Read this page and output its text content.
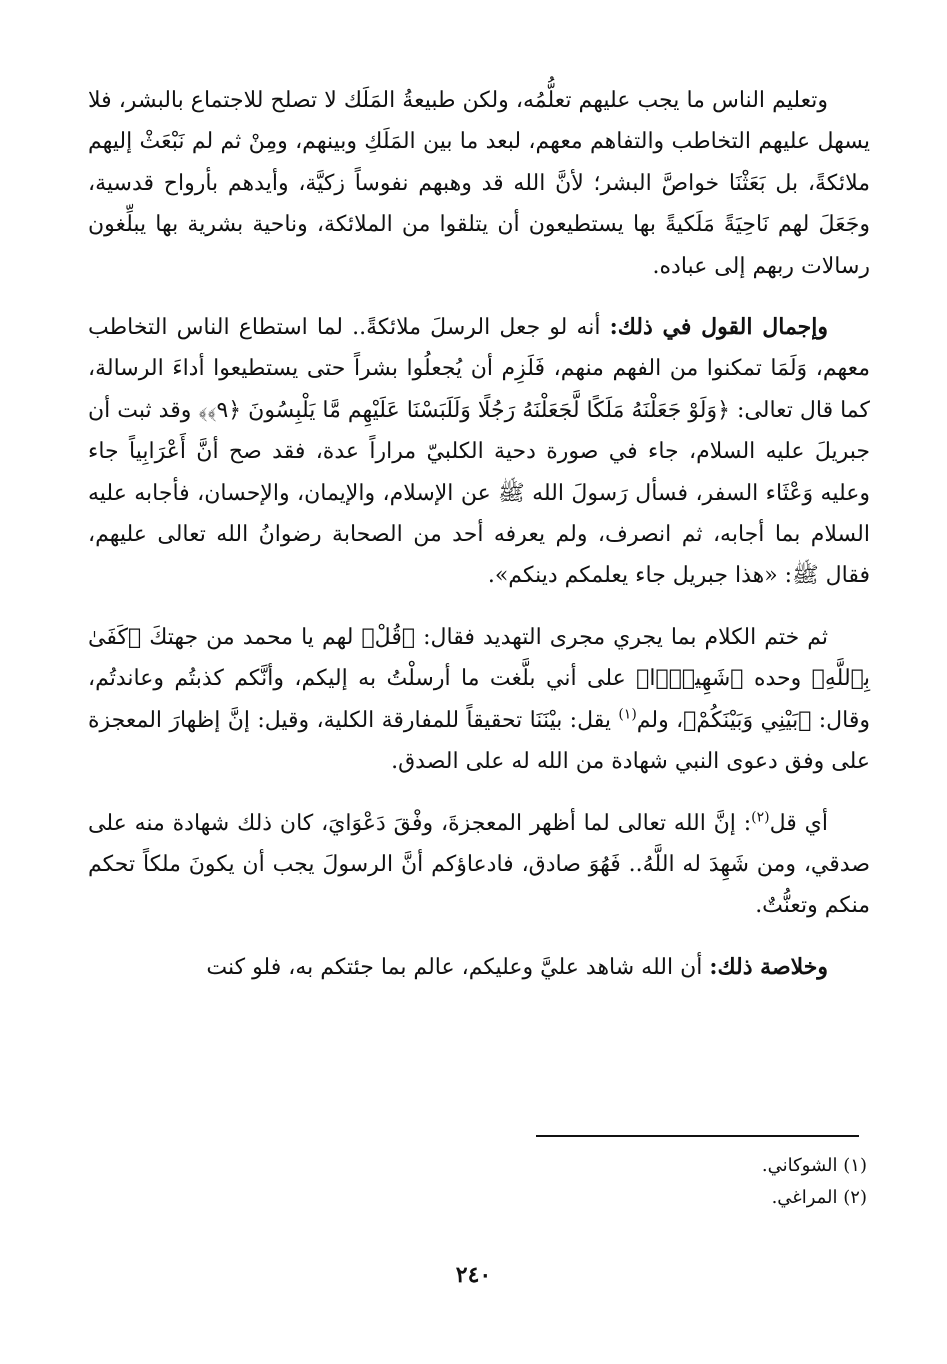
وتعليم الناس ما يجب عليهم تعلُّمُه، ولكن طبيعةُ المَلَك لا تصلح للاجتماع بالبشر، فلا يسهل عليهم التخاطب والتفاهم معهم، لبعد ما بين المَلَكِ وبينهم، ومِنْ ثم لم نَبْعَثْ إليهم ملائكةً، بل بَعَثْنَا خواصَّ البشر؛ لأنَّ الله قد وهبهم نفوساً زكيَّة، وأيدهم بأرواح قدسية، وجَعَلَ لهم نَاحِيَةً مَلَكيةً بها يستطيعون أن يتلقوا من الملائكة، وناحية بشرية بها يبلِّغون رسالات ربهم إلى عباده.

وإجمال القول في ذلك: أنه لو جعل الرسلَ ملائكةً.. لما استطاع الناس التخاطب معهم، وَلَمَا تمكنوا من الفهم منهم، فَلَزِم أن يُجعلُوا بشراً حتى يستطيعوا أداءَ الرسالة، كما قال تعالى: ﴿وَلَوْ جَعَلْنَهُ مَلَكًا لَّجَعَلْنَهُ رَجُلًا وَلَلَبَسْنَا عَلَيْهِم مَّا يَلْبِسُونَ ﴿٩﴾﴾ وقد ثبت أن جبريلَ عليه السلام، جاء في صورة دحية الكلبيّ مراراً عدة، فقد صح أنَّ أَعْرَابِياً جاء وعليه وَعْثَاء السفر، فسأل رَسولَ الله ﷺ عن الإسلام، والإيمان، والإحسان، فأجابه عليه السلام بما أجابه، ثم انصرف، ولم يعرفه أحد من الصحابة رضوانُ الله تعالى عليهم، فقال ﷺ: «هذا جبريل جاء يعلمكم دينكم».

ثم ختم الكلام بما يجري مجرى التهديد فقال: ﴿قُلْ﴾ لهم يا محمد من جهتكَ ﴿كَفَىٰ بِٱللَّهِ﴾ وحده ﴿شَهِيدًۢا﴾ على أني بلَّغت ما أرسلْتُ به إليكم، وأنَّكم كذبتُم وعاندتُم، وقال: ﴿بَيْنِي وَبَيْنَكُمْ﴾، ولم$^{(١)}$ يقل: بيْنَنَا تحقيقاً للمفارقة الكلية، وقيل: إنَّ إظهارَ المعجزة على وفق دعوى النبي شهادة من الله له على الصدق.

أي قل$^{(٢)}$: إنَّ الله تعالى لما أظهر المعجزةَ، وفْقَ دَعْوَايَ، كان ذلك شهادة منه على صدقي، ومن شَهِدَ له اللَّهُ.. فَهُوَ صادق، فادعاؤكم أنَّ الرسولَ يجب أن يكونَ ملكاً تحكم منكم وتعنُّتٌ.

وخلاصة ذلك: أن الله شاهد عليَّ وعليكم، عالم بما جئتكم به، فلو كنت

(١) الشوكاني.
(٢) المراغي.
٢٤٠
